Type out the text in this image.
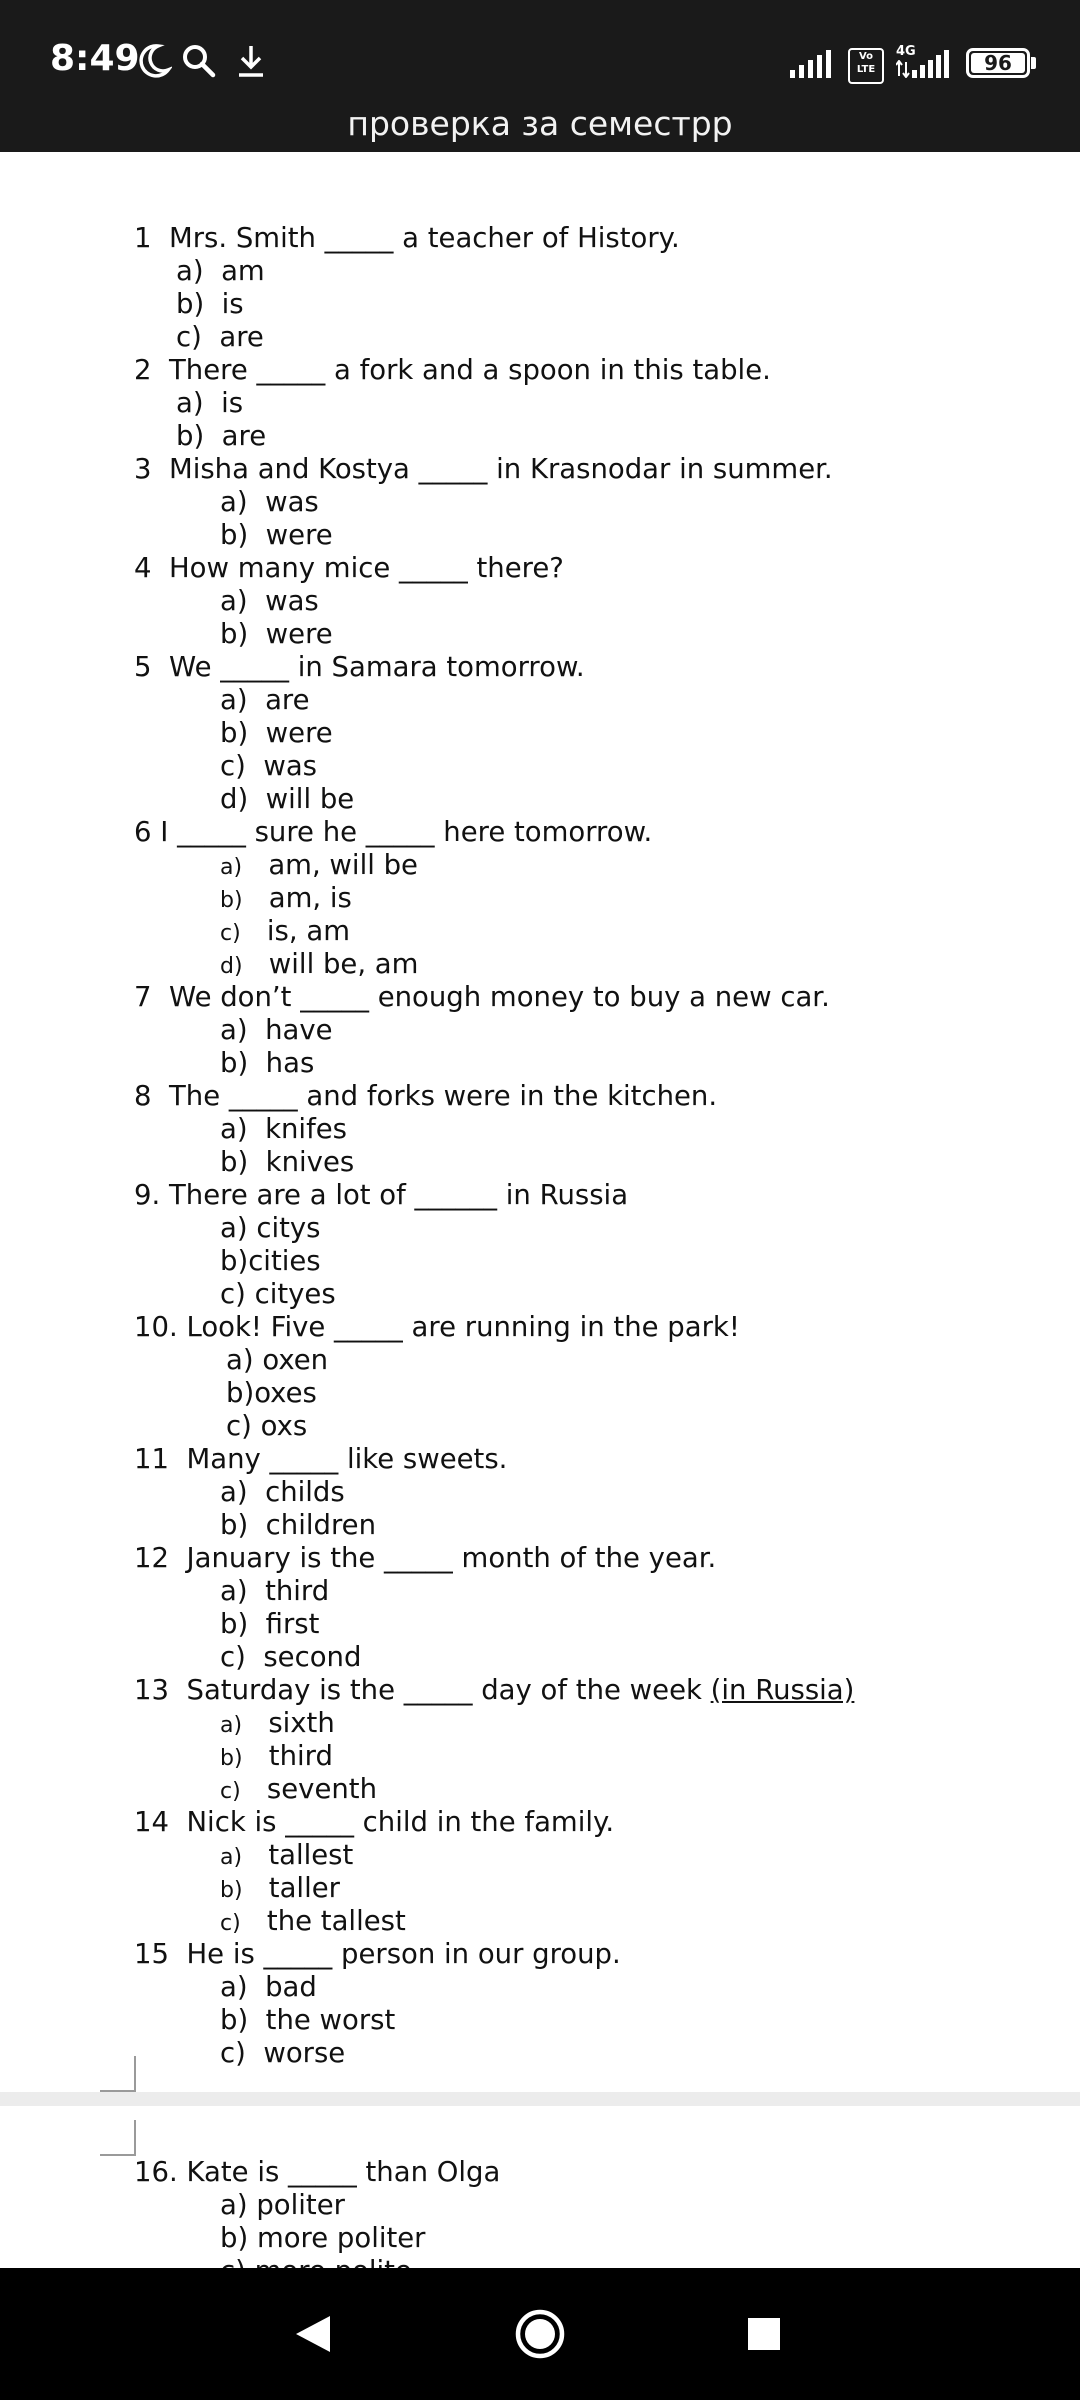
8:49	Vo LTE
4G	96
проверка за семестрр
1 Mrs. Smith _____ a teacher of History.
a) am
b) is
c) are
2 There _____ a fork and a spoon in this table.
a) is
b) are
3 Misha and Kostya _____ in Krasnodar in summer.
a) was
b) were
4 How many mice _____ there?
a) was
b) were
5 We _____ in Samara tomorrow.
a) are
b) were
c) was
d) will be
6 I _____ sure he _____ here tomorrow.
a) am, will be
b) am, is
c) is, am
d) will be, am
7 We don’t _____ enough money to buy a new car.
a) have
b) has
8 The _____ and forks were in the kitchen.
a) knifes
b) knives
9. There are a lot of ______ in Russia
a) citys
b)cities
c) cityes
10. Look! Five _____ are running in the park!
a) oxen
b)oxes
c) oxs
11 Many _____ like sweets.
a) childs
b) children
12 January is the _____ month of the year.
a) third
b) first
c) second
13 Saturday is the _____ day of the week (in Russia)
a) sixth
b) third
c) seventh
14 Nick is _____ child in the family.
a) tallest
b) taller
c) the tallest
15 He is _____ person in our group.
a) bad
b) the worst
c) worse
16. Kate is _____ than Olga
a) politer
b) more politer
